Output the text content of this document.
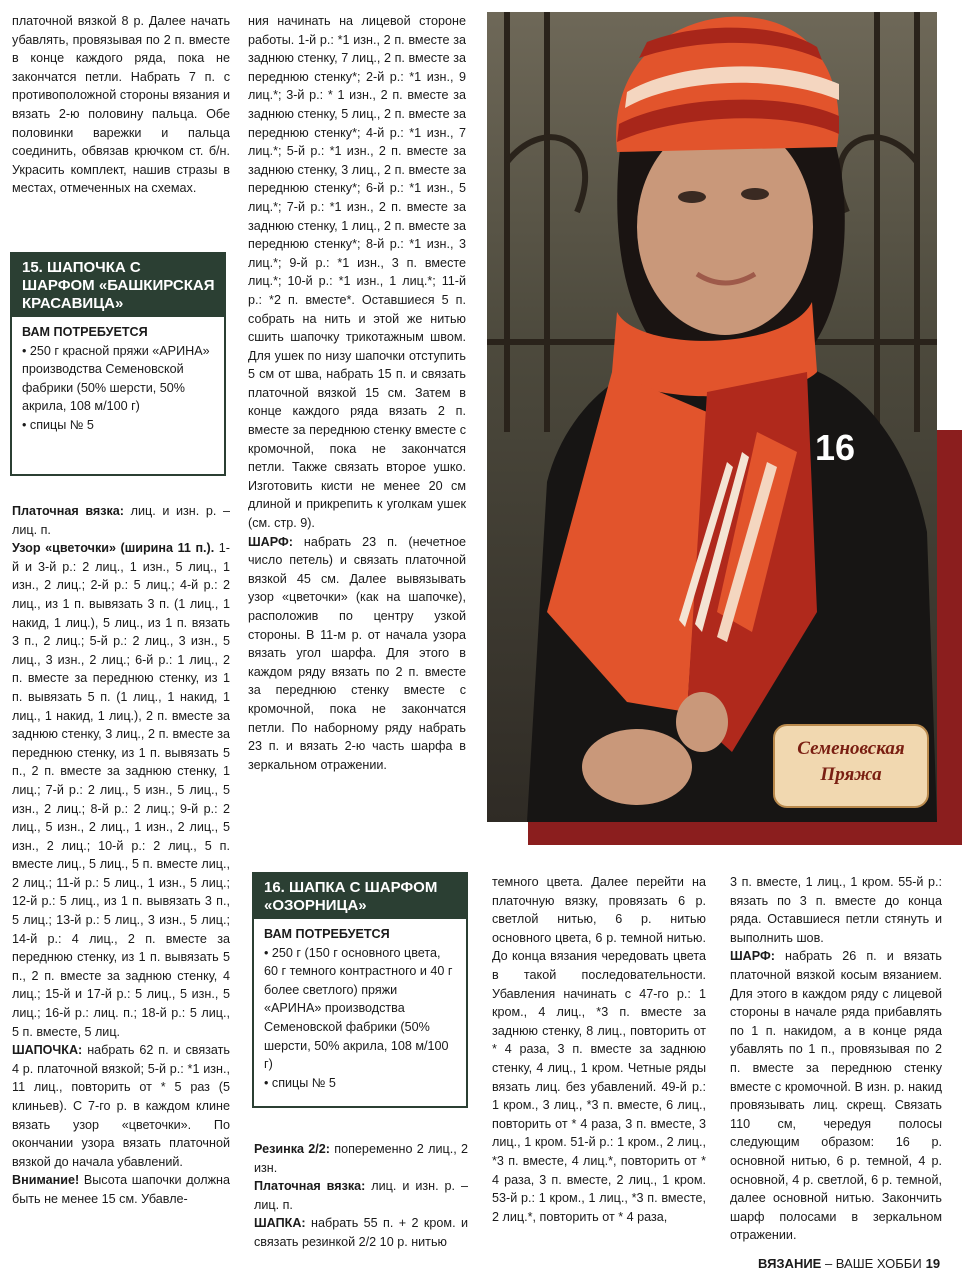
платочной вязкой 8 р. Далее начать убавлять, провязывая по 2 п. вместе в конце каждого ряда, пока не закончатся петли. Набрать 7 п. с противоположной стороны вязания и вязать 2-ю половину пальца. Обе половинки варежки и пальца соединить, обвязав крючком ст. б/н. Украсить комплект, нашив стразы в местах, отмеченных на схемах.

15. ШАПОЧКА С ШАРФОМ «БАШКИРСКАЯ КРАСАВИЦА»
ВАМ ПОТРЕБУЕТСЯ
• 250 г красной пряжи «АРИНА» производства Семеновской фабрики (50% шерсти, 50% акрила, 108 м/100 г)
• спицы № 5

Платочная вязка: лиц. и изн. р. – лиц. п.

Узор «цветочки» (ширина 11 п.). 1-й и 3-й р.: 2 лиц., 1 изн., 5 лиц., 1 изн., 2 лиц.; 2-й р.: 5 лиц.; 4-й р.: 2 лиц., из 1 п. вывязать 3 п. (1 лиц., 1 накид, 1 лиц.), 5 лиц., из 1 п. вязать 3 п., 2 лиц.; 5-й р.: 2 лиц., 3 изн., 5 лиц., 3 изн., 2 лиц.; 6-й р.: 1 лиц., 2 п. вместе за переднюю стенку, из 1 п. вывязать 5 п. (1 лиц., 1 накид, 1 лиц., 1 накид, 1 лиц.), 2 п. вместе за заднюю стенку, 3 лиц., 2 п. вместе за переднюю стенку, из 1 п. вывязать 5 п., 2 п. вместе за заднюю стенку, 1 лиц.; 7-й р.: 2 лиц., 5 изн., 5 лиц., 5 изн., 2 лиц.; 8-й р.: 2 лиц.; 9-й р.: 2 лиц., 5 изн., 2 лиц., 1 изн., 2 лиц., 5 изн., 2 лиц.; 10-й р.: 2 лиц., 5 п. вместе лиц., 5 лиц., 5 п. вместе лиц., 2 лиц.; 11-й р.: 5 лиц., 1 изн., 5 лиц.; 12-й р.: 5 лиц., из 1 п. вывязать 3 п., 5 лиц.; 13-й р.: 5 лиц., 3 изн., 5 лиц.; 14-й р.: 4 лиц., 2 п. вместе за переднюю стенку, из 1 п. вывязать 5 п., 2 п. вместе за заднюю стенку, 4 лиц.; 15-й и 17-й р.: 5 лиц., 5 изн., 5 лиц.; 16-й р.: лиц. п.; 18-й р.: 5 лиц., 5 п. вместе, 5 лиц.

ШАПОЧКА: набрать 62 п. и связать 4 р. платочной вязкой; 5-й р.: *1 изн., 11 лиц., повторить от * 5 раз (5 клиньев). С 7-го р. в каждом клине вязать узор «цветочки». По окончании узора вязать платочной вязкой до начала убавлений.

Внимание! Высота шапочки должна быть не менее 15 см. Убавле-

ния начинать на лицевой стороне работы. 1-й р.: *1 изн., 2 п. вместе за заднюю стенку, 7 лиц., 2 п. вместе за переднюю стенку*; 2-й р.: *1 изн., 9 лиц.*; 3-й р.: * 1 изн., 2 п. вместе за заднюю стенку, 5 лиц., 2 п. вместе за переднюю стенку*; 4-й р.: *1 изн., 7 лиц.*; 5-й р.: *1 изн., 2 п. вместе за заднюю стенку, 3 лиц., 2 п. вместе за переднюю стенку*; 6-й р.: *1 изн., 5 лиц.*; 7-й р.: *1 изн., 2 п. вместе за заднюю стенку, 1 лиц., 2 п. вместе за переднюю стенку*; 8-й р.: *1 изн., 3 лиц.*; 9-й р.: *1 изн., 3 п. вместе лиц.*; 10-й р.: *1 изн., 1 лиц.*; 11-й р.: *2 п. вместе*. Оставшиеся 5 п. собрать на нить и этой же нитью сшить шапочку трикотажным швом. Для ушек по низу шапочки отступить 5 см от шва, набрать 15 п. и связать платочной вязкой 15 см. Затем в конце каждого ряда вязать 2 п. вместе за переднюю стенку вместе с кромочной, пока не закончатся петли. Также связать второе ушко. Изготовить кисти не менее 20 см длиной и прикрепить к уголкам ушек (см. стр. 9).

ШАРФ: набрать 23 п. (нечетное число петель) и связать платочной вязкой 45 см. Далее вывязывать узор «цветочки» (как на шапочке), расположив по центру узкой стороны. В 11-м р. от начала узора вязать угол шарфа. Для этого в каждом ряду вязать по 2 п. вместе за переднюю стенку вместе с кромочной, пока не закончатся петли. По наборному ряду набрать 23 п. и вязать 2-ю часть шарфа в зеркальном отражении.

16. ШАПКА С ШАРФОМ «ОЗОРНИЦА»
ВАМ ПОТРЕБУЕТСЯ
• 250 г (150 г основного цвета, 60 г темного контрастного и 40 г более светлого) пряжи «АРИНА» производства Семеновской фабрики (50% шерсти, 50% акрила, 108 м/100 г)
• спицы № 5

Резинка 2/2: попеременно 2 лиц., 2 изн.

Платочная вязка: лиц. и изн. р. – лиц. п.

ШАПКА: набрать 55 п. + 2 кром. и связать резинкой 2/2 10 р. нитью

темного цвета. Далее перейти на платочную вязку, провязать 6 р. светлой нитью, 6 р. нитью основного цвета, 6 р. темной нитью. До конца вязания чередовать цвета в такой последовательности. Убавления начинать с 47-го р.: 1 кром., 4 лиц., *3 п. вместе за заднюю стенку, 8 лиц., повторить от * 4 раза, 3 п. вместе за заднюю стенку, 4 лиц., 1 кром. Четные ряды вязать лиц. без убавлений. 49-й р.: 1 кром., 3 лиц., *3 п. вместе, 6 лиц., повторить от * 4 раза, 3 п. вместе, 3 лиц., 1 кром. 51-й р.: 1 кром., 2 лиц., *3 п. вместе, 4 лиц.*, повторить от * 4 раза, 3 п. вместе, 2 лиц., 1 кром. 53-й р.: 1 кром., 1 лиц., *3 п. вместе, 2 лиц.*, повторить от * 4 раза,

3 п. вместе, 1 лиц., 1 кром. 55-й р.: вязать по 3 п. вместе до конца ряда. Оставшиеся петли стянуть и выполнить шов.

ШАРФ: набрать 26 п. и вязать платочной вязкой косым вязанием. Для этого в каждом ряду с лицевой стороны в начале ряда прибавлять по 1 п. накидом, а в конце ряда убавлять по 1 п., провязывая по 2 п. вместе за переднюю стенку вместе с кромочной. В изн. р. накид провязывать лиц. скрещ. Связать 110 см, чередуя полосы следующим образом: 16 р. основной нитью, 6 р. темной, 4 р. основной, 4 р. светлой, 6 р. темной, далее основной нитью. Закончить шарф полосами в зеркальном отражении.

16
Семеновская
Пряжа
ВЯЗАНИЕ – ВАШЕ ХОББИ 19
